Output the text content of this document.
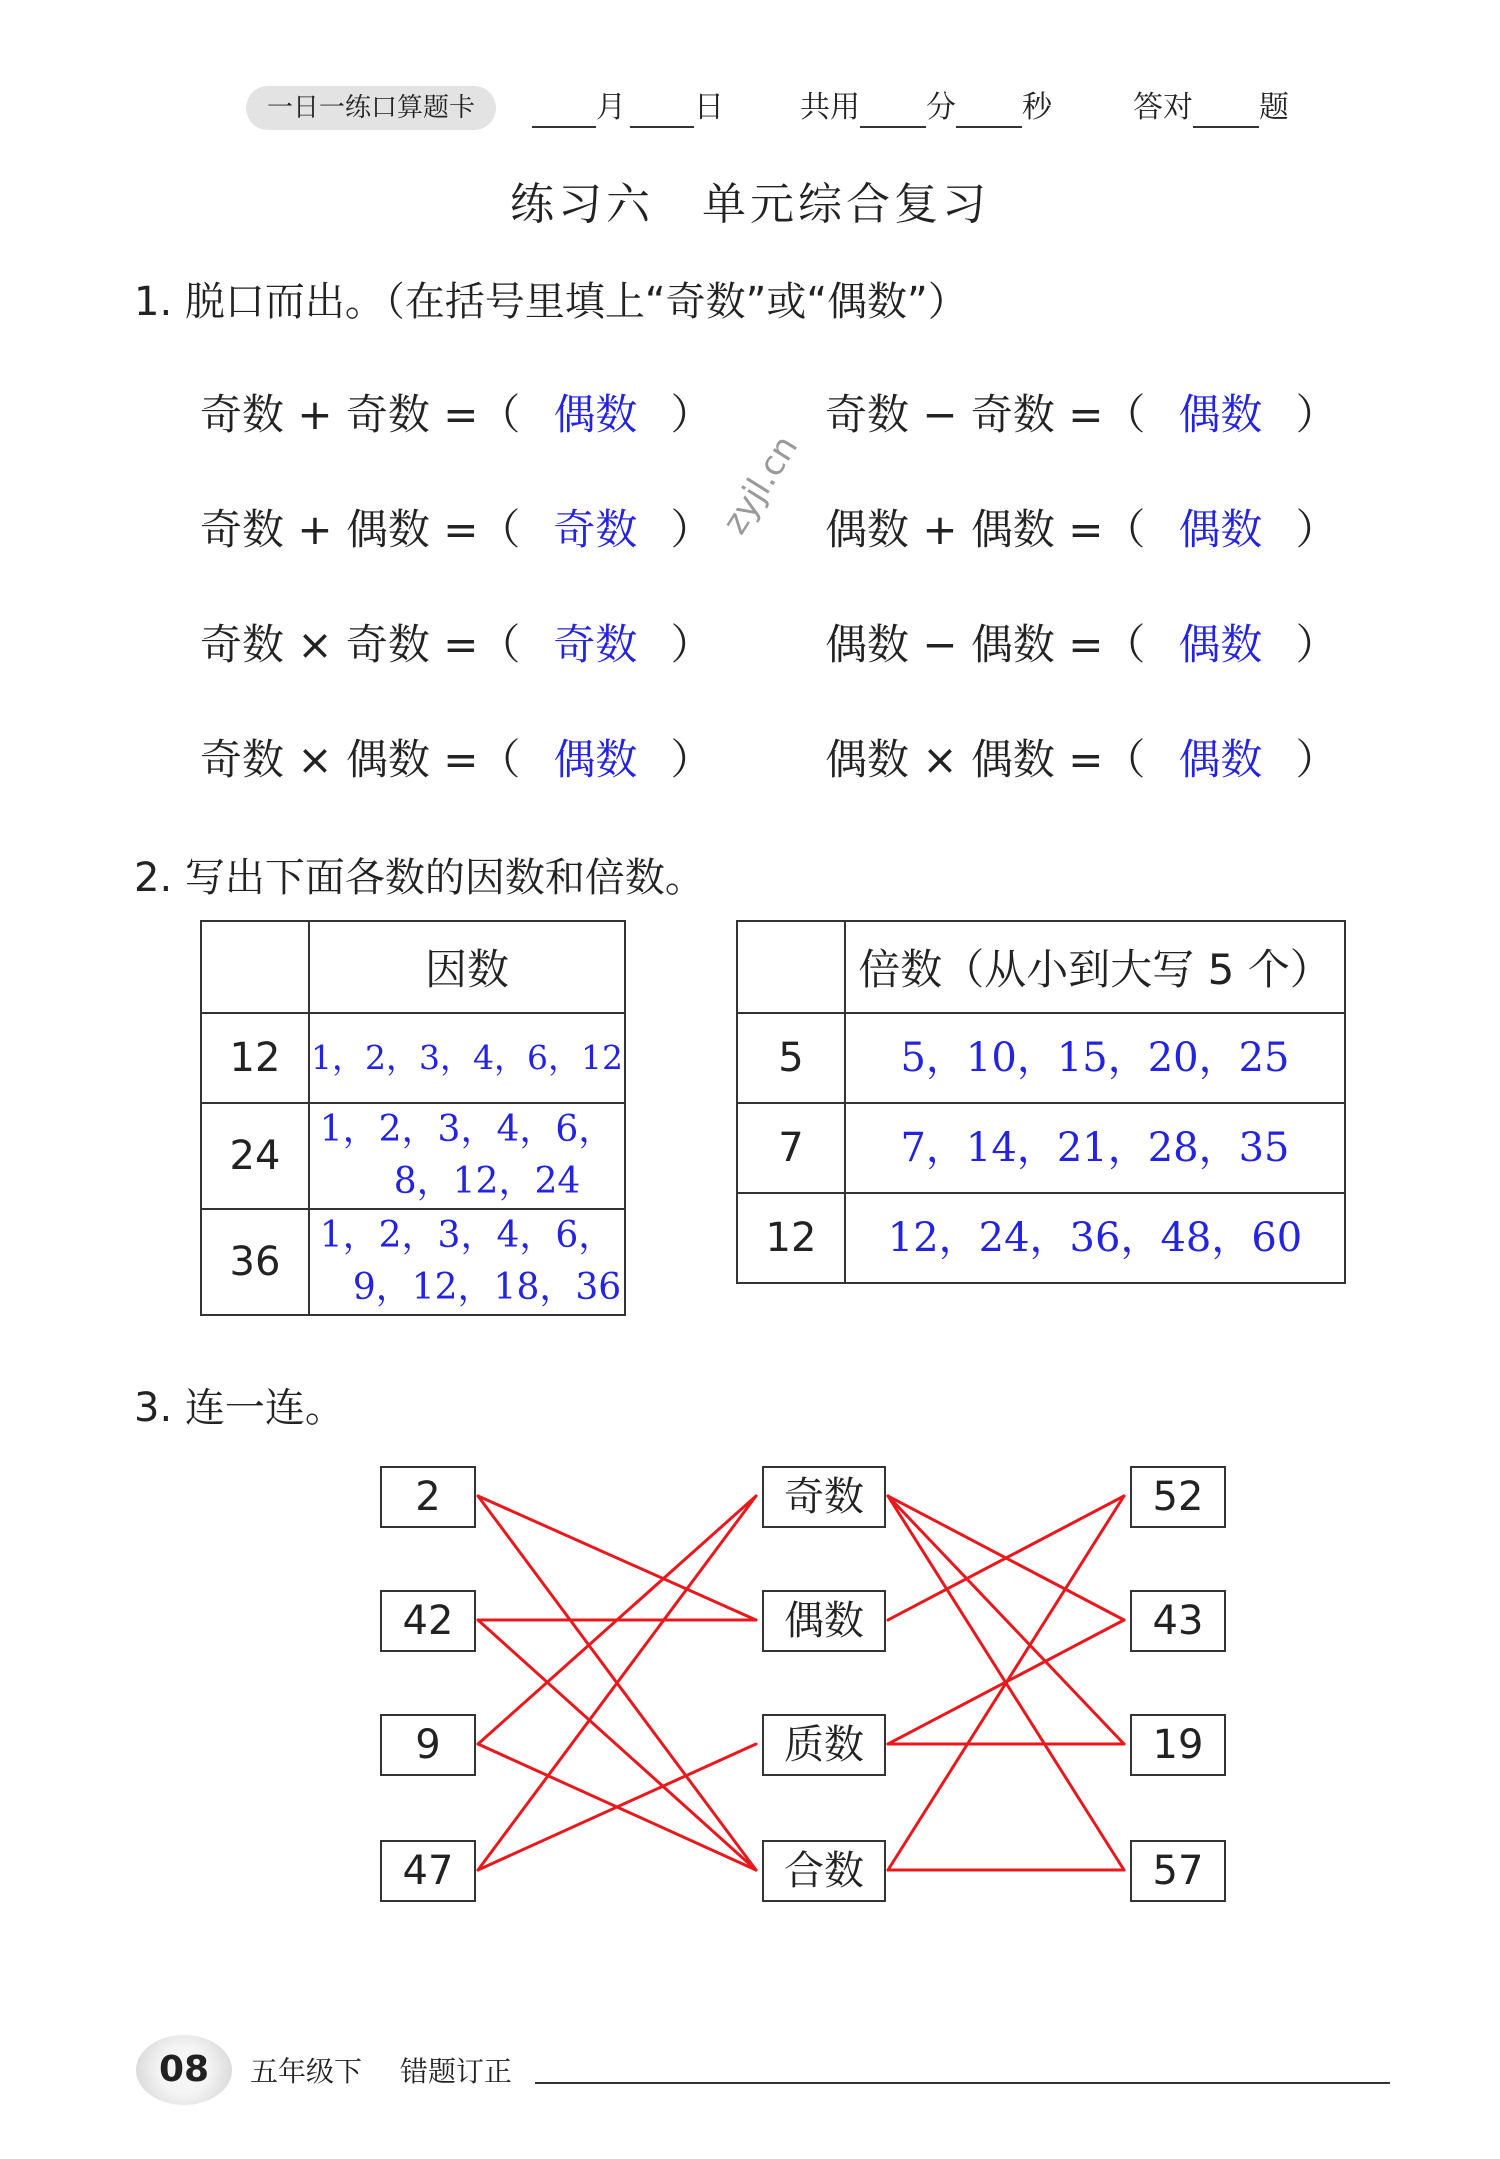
一日一练口算题卡	月	日	共用 分 秒	答对 题
练习六　单元综合复习
1. 脱口而出。（在括号里填上“奇数”或“偶数”）
奇数 + 奇数 =（ 偶数 ）	奇数 − 奇数 =（ 偶数 ）
奇数 + 偶数 =（ 奇数 ）	偶数 + 偶数 =（ 偶数 ）
奇数 × 奇数 =（ 奇数 ）	偶数 − 偶数 =（ 偶数 ）
奇数 × 偶数 =（ 偶数 ）	偶数 × 偶数 =（ 偶数 ）
zyjl.cn
2. 写出下面各数的因数和倍数。
	因数
12	1，2，3，4，6，12
24	1，2，3，4，6，
8，12，24

36	1，2，3，4，6，
9，12，18，36
	倍数（从小到大写 5 个）
5	5，10，15，20，25
7	7，14，21，28，35
12	12，24，36，48，60
3. 连一连。
2
42
9
47
奇数
偶数
质数
合数
52
43
19
57
08	五年级下 错题订正
